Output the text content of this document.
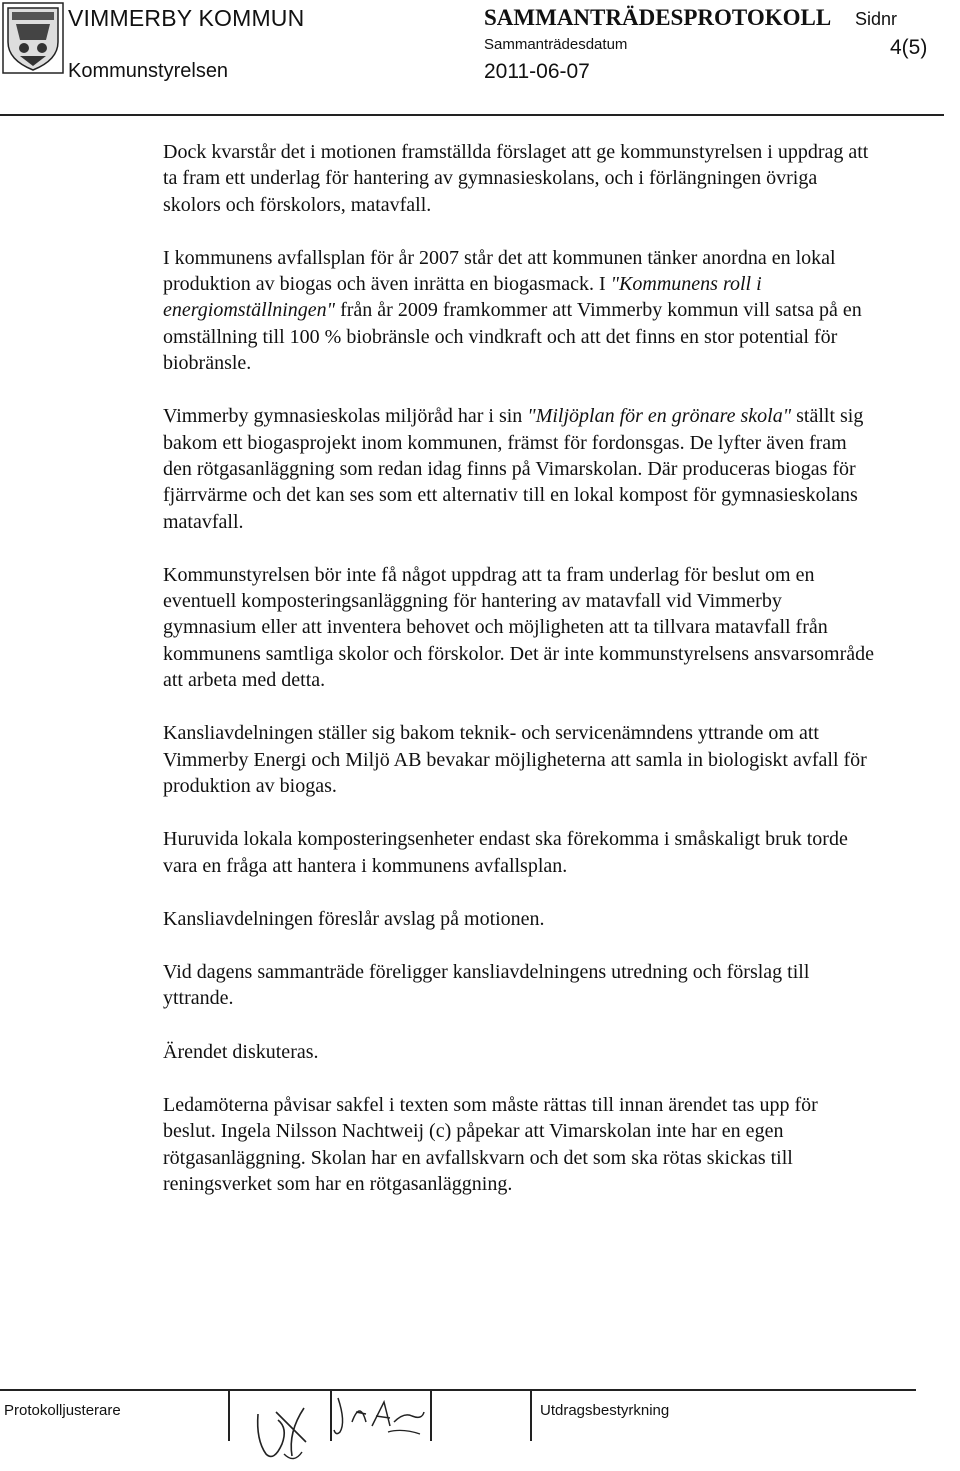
VIMMERBY KOMMUN
Kommunstyrelsen
SAMMANTRÄDESPROTOKOLL
Sammanträdesdatum
2011-06-07
Sidnr
4(5)

Dock kvarstår det i motionen framställda förslaget att ge kommunstyrelsen i uppdrag att ta fram ett underlag för hantering av gymnasieskolans, och i förlängningen övriga skolors och förskolors, matavfall.

I kommunens avfallsplan för år 2007 står det att kommunen tänker anordna en lokal produktion av biogas och även inrätta en biogasmack. I "Kommunens roll i energiomställningen" från år 2009 framkommer att Vimmerby kommun vill satsa på en omställning till 100 % biobränsle och vindkraft och att det finns en stor potential för biobränsle.

Vimmerby gymnasieskolas miljöråd har i sin "Miljöplan för en grönare skola" ställt sig bakom ett biogasprojekt inom kommunen, främst för fordonsgas. De lyfter även fram den rötgasanläggning som redan idag finns på Vimarskolan. Där produceras biogas för fjärrvärme och det kan ses som ett alternativ till en lokal kompost för gymnasieskolans matavfall.

Kommunstyrelsen bör inte få något uppdrag att ta fram underlag för beslut om en eventuell komposteringsanläggning för hantering av matavfall vid Vimmerby gymnasium eller att inventera behovet och möjligheten att ta tillvara matavfall från kommunens samtliga skolor och förskolor. Det är inte kommunstyrelsens ansvarsområde att arbeta med detta.

Kansliavdelningen ställer sig bakom teknik- och servicenämndens yttrande om att Vimmerby Energi och Miljö AB bevakar möjligheterna att samla in biologiskt avfall för produktion av biogas.

Huruvida lokala komposteringsenheter endast ska förekomma i småskaligt bruk torde vara en fråga att hantera i kommunens avfallsplan.

Kansliavdelningen föreslår avslag på motionen.

Vid dagens sammanträde föreligger kansliavdelningens utredning och förslag till yttrande.

Ärendet diskuteras.

Ledamöterna påvisar sakfel i texten som måste rättas till innan ärendet tas upp för beslut. Ingela Nilsson Nachtweij (c) påpekar att Vimarskolan inte har en egen rötgasanläggning. Skolan har en avfallskvarn och det som ska rötas skickas till reningsverket som har en rötgasanläggning.

Protokolljusterare	Utdragsbestyrkning
